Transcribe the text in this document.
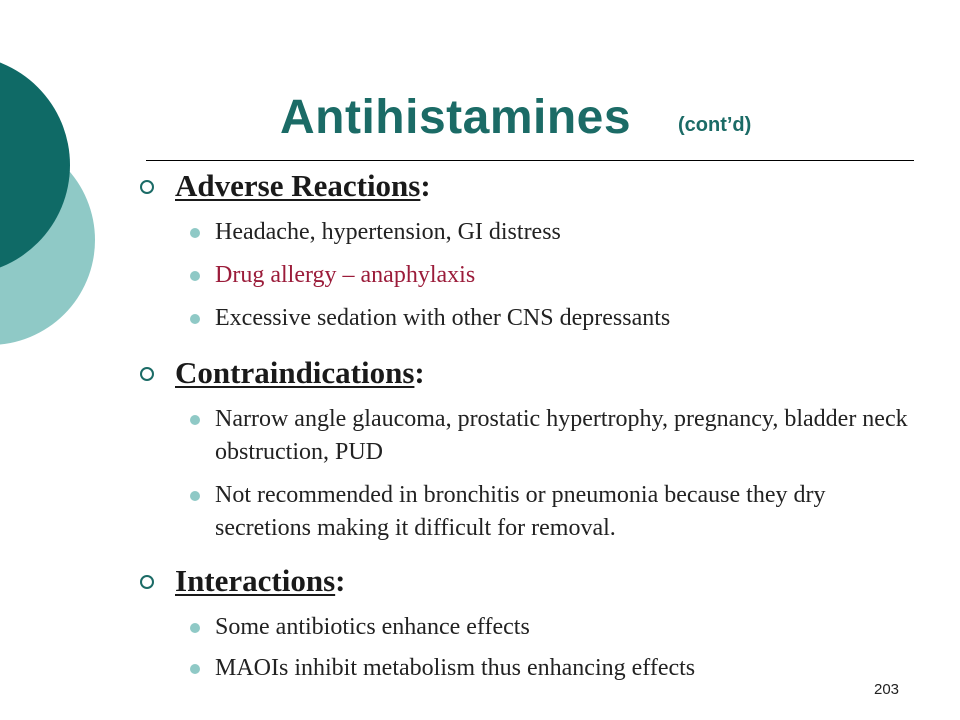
Antihistamines (cont’d)
Adverse Reactions:
Headache, hypertension, GI distress
Drug allergy – anaphylaxis
Excessive sedation with other CNS depressants
Contraindications:
Narrow angle glaucoma, prostatic hypertrophy, pregnancy, bladder neck obstruction, PUD
Not recommended in bronchitis or pneumonia because they dry secretions making it difficult for removal.
Interactions:
Some antibiotics enhance effects
MAOIs inhibit metabolism thus enhancing effects
203
